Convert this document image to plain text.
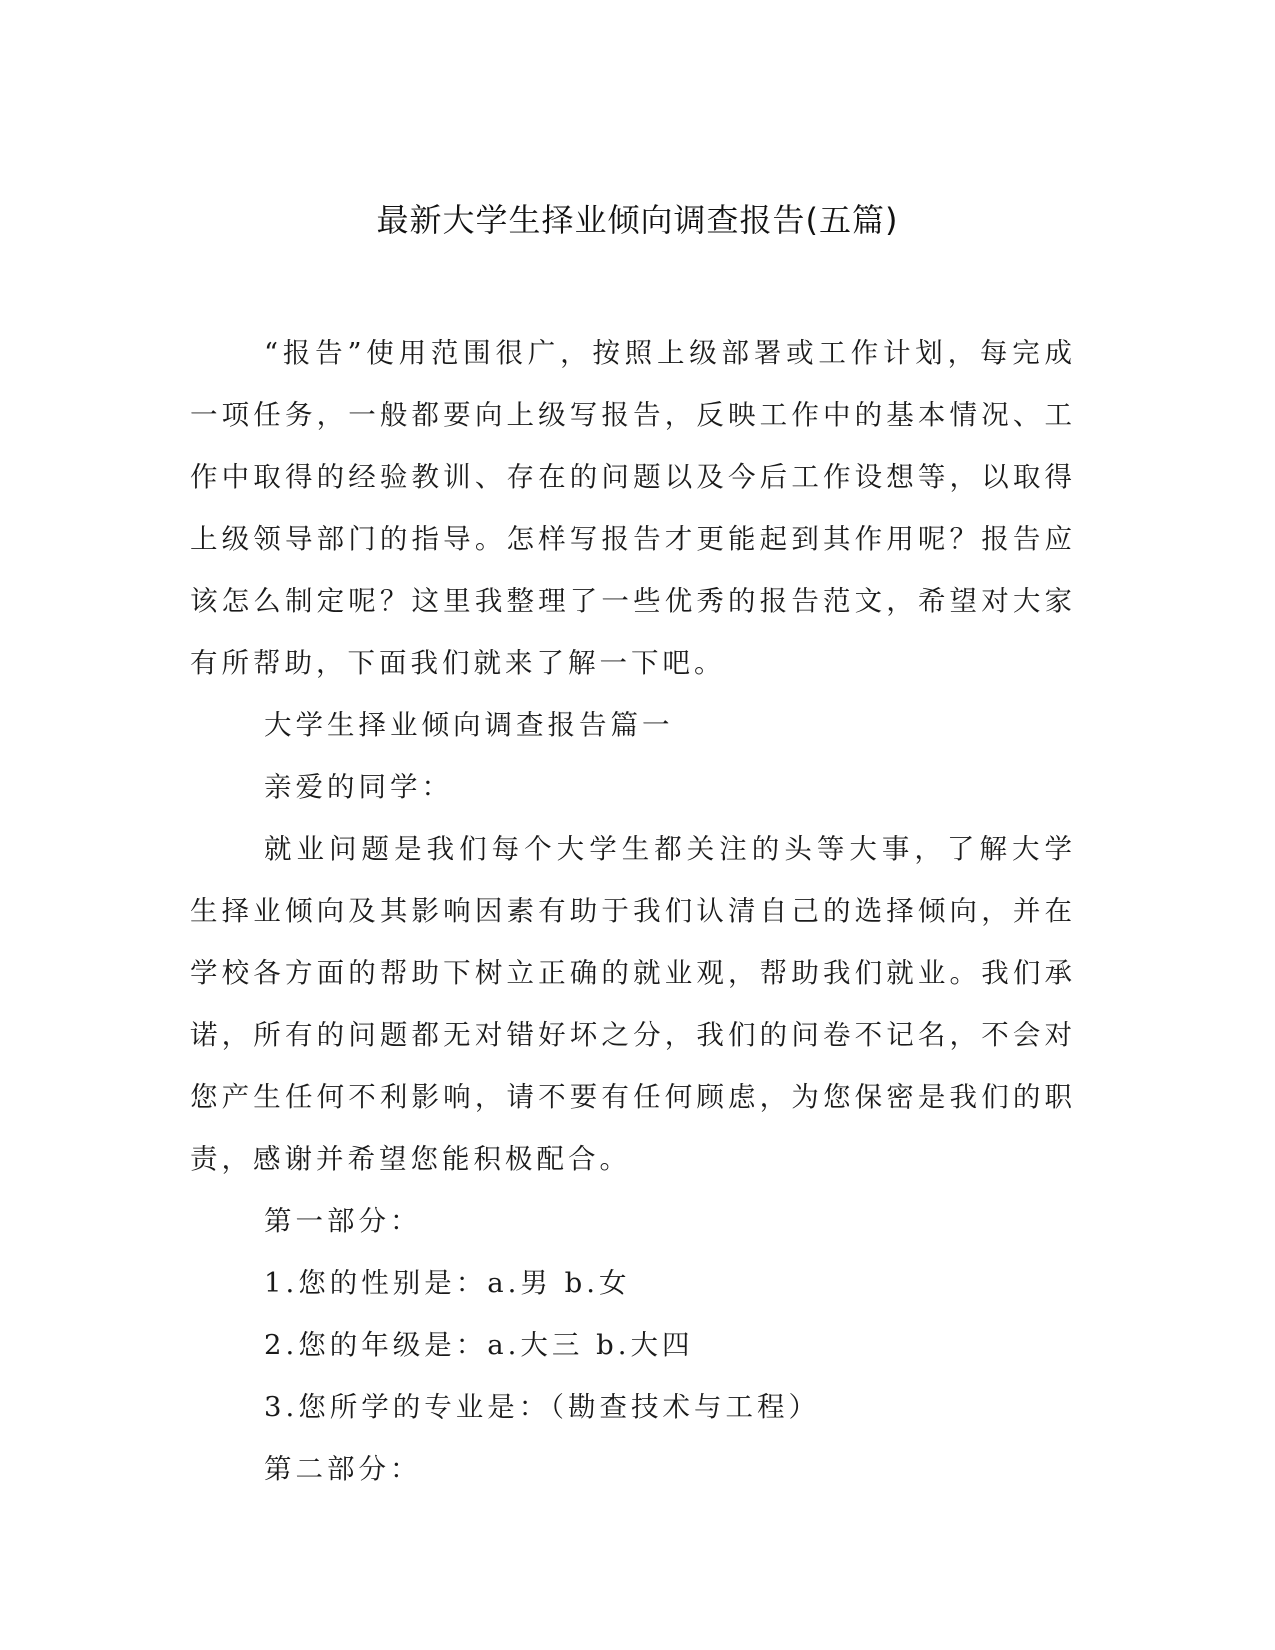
最新大学生择业倾向调查报告(五篇)

“报告”使用范围很广，按照上级部署或工作计划，每完成一项任务，一般都要向上级写报告，反映工作中的基本情况、工作中取得的经验教训、存在的问题以及今后工作设想等，以取得上级领导部门的指导。怎样写报告才更能起到其作用呢？报告应该怎么制定呢？这里我整理了一些优秀的报告范文，希望对大家有所帮助，下面我们就来了解一下吧。

大学生择业倾向调查报告篇一

亲爱的同学：

就业问题是我们每个大学生都关注的头等大事，了解大学生择业倾向及其影响因素有助于我们认清自己的选择倾向，并在学校各方面的帮助下树立正确的就业观，帮助我们就业。我们承诺，所有的问题都无对错好坏之分，我们的问卷不记名，不会对您产生任何不利影响，请不要有任何顾虑，为您保密是我们的职责，感谢并希望您能积极配合。

第一部分：

1.您的性别是：a.男 b.女

2.您的年级是：a.大三 b.大四

3.您所学的专业是：（勘查技术与工程）

第二部分：
